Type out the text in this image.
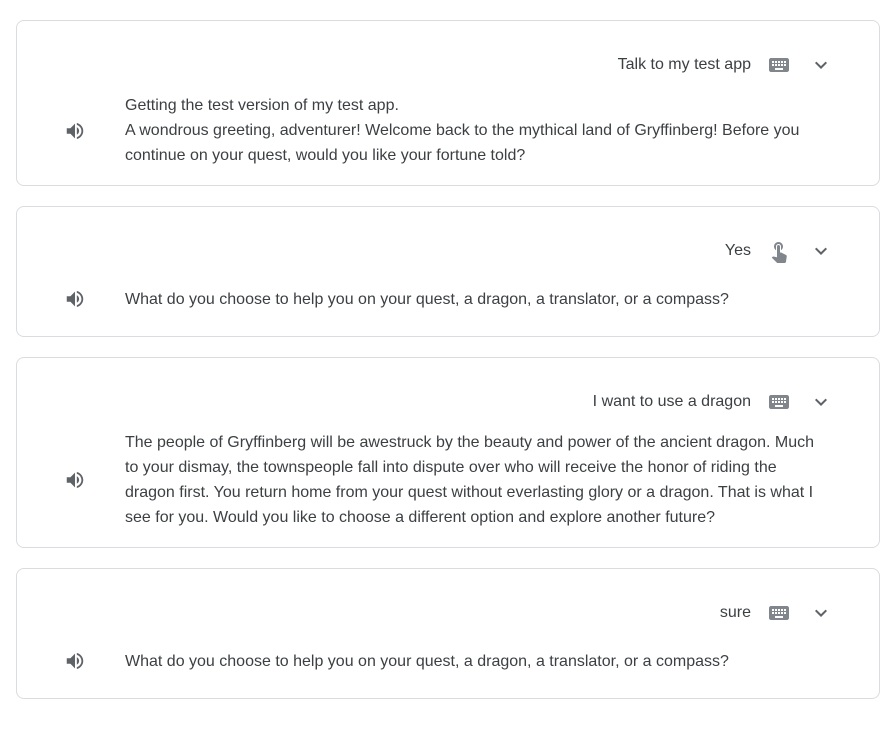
Talk to my test app

Getting the test version of my test app.

A wondrous greeting, adventurer! Welcome back to the mythical land of Gryffinberg! Before you continue on your quest, would you like your fortune told?

Yes

What do you choose to help you on your quest, a dragon, a translator, or a compass?

I want to use a dragon

The people of Gryffinberg will be awestruck by the beauty and power of the ancient dragon. Much to your dismay, the townspeople fall into dispute over who will receive the honor of riding the dragon first. You return home from your quest without everlasting glory or a dragon. That is what I see for you. Would you like to choose a different option and explore another future?

sure

What do you choose to help you on your quest, a dragon, a translator, or a compass?
